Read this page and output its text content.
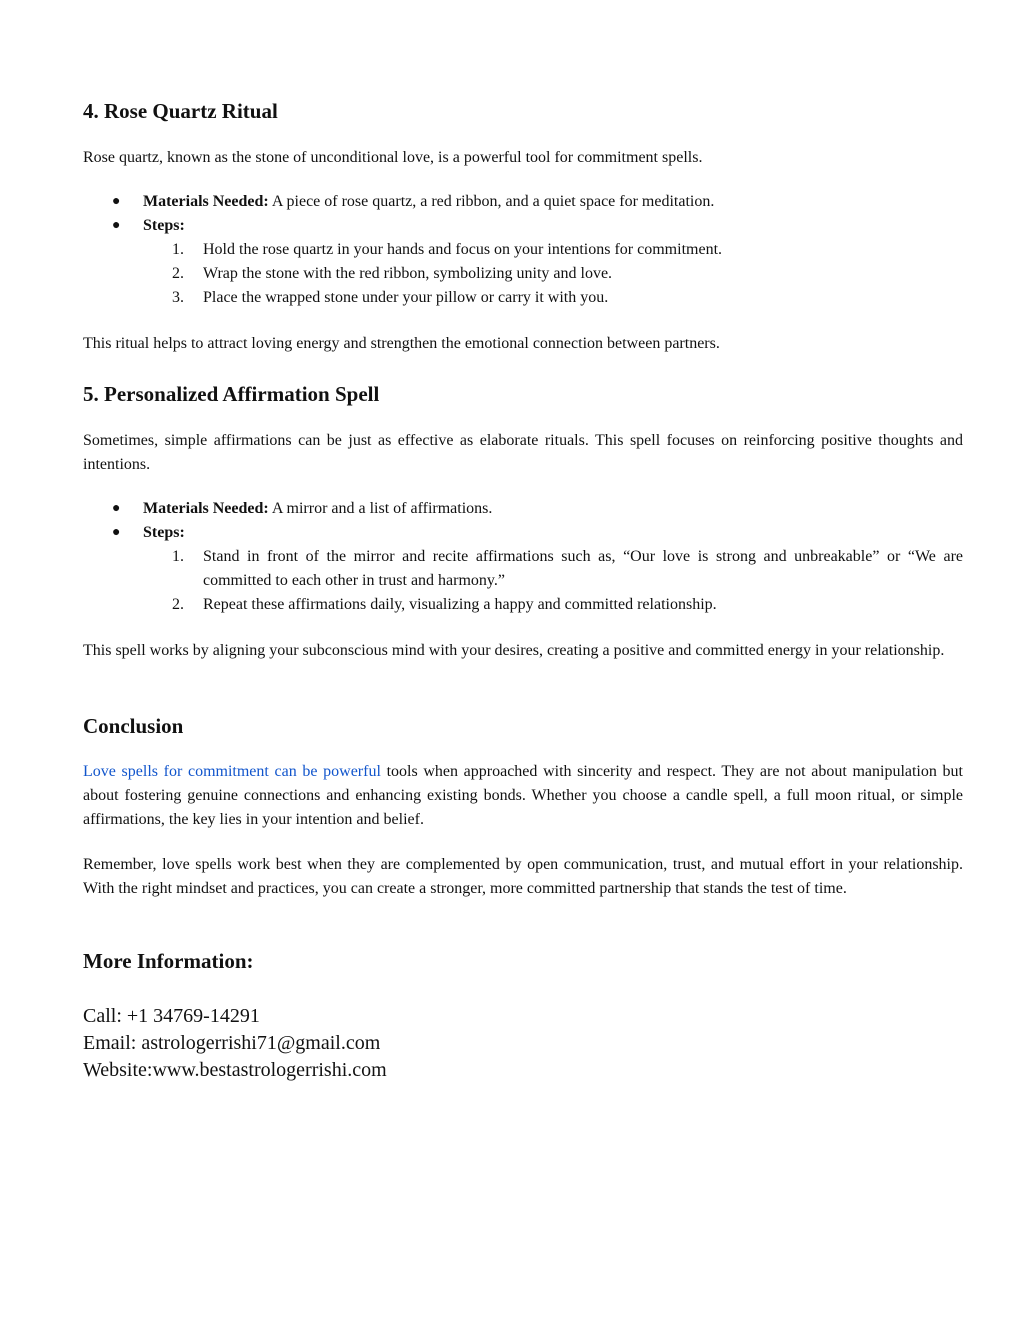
4. Rose Quartz Ritual

Rose quartz, known as the stone of unconditional love, is a powerful tool for commitment spells.

● Materials Needed: A piece of rose quartz, a red ribbon, and a quiet space for meditation.
● Steps:
1. Hold the rose quartz in your hands and focus on your intentions for commitment.
2. Wrap the stone with the red ribbon, symbolizing unity and love.
3. Place the wrapped stone under your pillow or carry it with you.

This ritual helps to attract loving energy and strengthen the emotional connection between partners.

5. Personalized Affirmation Spell

Sometimes, simple affirmations can be just as effective as elaborate rituals. This spell focuses on reinforcing positive thoughts and intentions.

● Materials Needed: A mirror and a list of affirmations.
● Steps:
1. Stand in front of the mirror and recite affirmations such as, “Our love is strong and unbreakable” or “We are committed to each other in trust and harmony.”
2. Repeat these affirmations daily, visualizing a happy and committed relationship.

This spell works by aligning your subconscious mind with your desires, creating a positive and committed energy in your relationship.

Conclusion

Love spells for commitment can be powerful tools when approached with sincerity and respect. They are not about manipulation but about fostering genuine connections and enhancing existing bonds. Whether you choose a candle spell, a full moon ritual, or simple affirmations, the key lies in your intention and belief.

Remember, love spells work best when they are complemented by open communication, trust, and mutual effort in your relationship. With the right mindset and practices, you can create a stronger, more committed partnership that stands the test of time.

More Information:
Call: +1 34769-14291
Email: astrologerrishi71@gmail.com
Website:www.bestastrologerrishi.com
